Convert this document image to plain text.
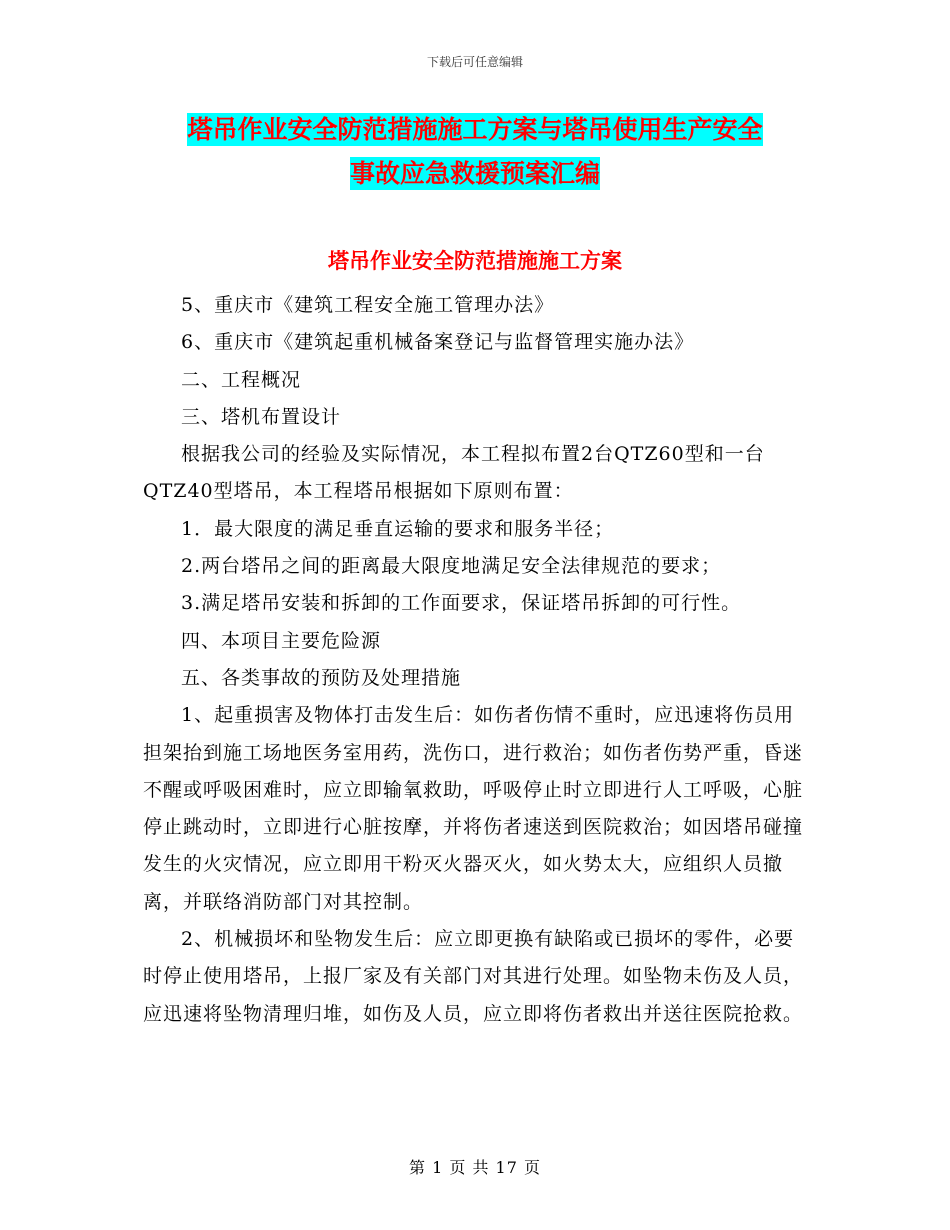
下载后可任意编辑
塔吊作业安全防范措施施工方案与塔吊使用生产安全
事故应急救援预案汇编
塔吊作业安全防范措施施工方案

5、重庆市《建筑工程安全施工管理办法》

6、重庆市《建筑起重机械备案登记与监督管理实施办法》

二、工程概况

三、塔机布置设计

根据我公司的经验及实际情况，本工程拟布置2台QTZ60型和一台QTZ40型塔吊，本工程塔吊根据如下原则布置：

1．最大限度的满足垂直运输的要求和服务半径；

2.两台塔吊之间的距离最大限度地满足安全法律规范的要求；

3.满足塔吊安装和拆卸的工作面要求，保证塔吊拆卸的可行性。

四、本项目主要危险源

五、各类事故的预防及处理措施

1、起重损害及物体打击发生后：如伤者伤情不重时，应迅速将伤员用担架抬到施工场地医务室用药，洗伤口，进行救治；如伤者伤势严重，昏迷不醒或呼吸困难时，应立即输氧救助，呼吸停止时立即进行人工呼吸，心脏停止跳动时，立即进行心脏按摩，并将伤者速送到医院救治；如因塔吊碰撞发生的火灾情况，应立即用干粉灭火器灭火，如火势太大，应组织人员撤离，并联络消防部门对其控制。

2、机械损坏和坠物发生后：应立即更换有缺陷或已损坏的零件，必要时停止使用塔吊，上报厂家及有关部门对其进行处理。如坠物未伤及人员，应迅速将坠物清理归堆，如伤及人员，应立即将伤者救出并送往医院抢救。

第 1 页 共 17 页
